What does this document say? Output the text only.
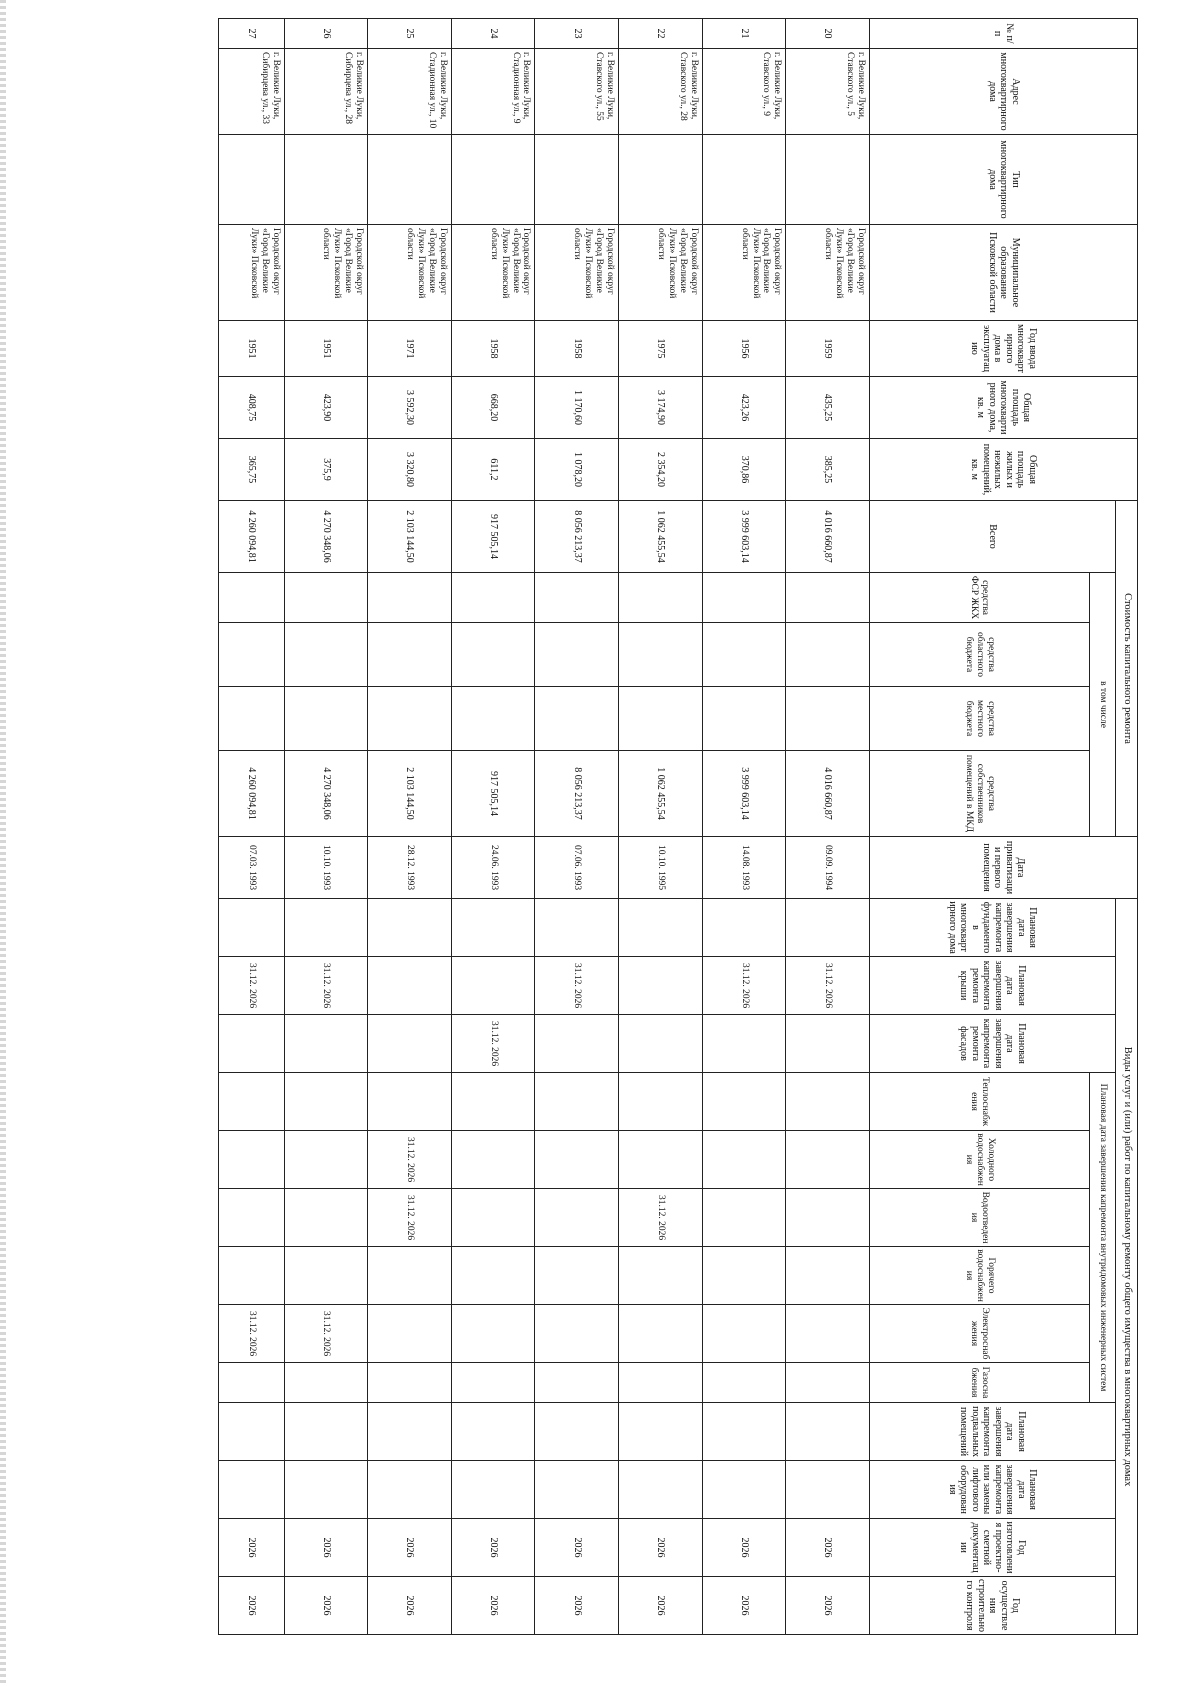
№ п/п	Адрес многоквартирного дома	Тип многоквартирного дома	Муниципальное образование Псковской области	Год ввода многоквартирного дома в эксплуатацию	Общая площадь многоквартирного дома, кв. м	Общая площадь жилых и нежилых помещений, кв. м	Стоимость капитального ремонта					Дата приватизации первого помещения	Виды услуг и (или) работ по капитальному ремонту общего имущества в многоквартирных домах												
							Всего	в том числе					Плановая дата завершения капремонта фундаментов многоквартирного дома	Плановая дата завершения капремонта ремонта крыши	Плановая дата завершения капремонта ремонта фасадов	Плановая дата завершения капремонта внутридомовых инженерных систем						Плановая дата завершения капремонта подвальных помещений	Плановая дата завершения капремонта или замены лифтового оборудования	Год изготовления проектно-сметной документации	Год осуществления строительного контроля
								средства ФСР ЖКХ	средства областного бюджета	средства местного бюджета	средства собственников помещений в МКД					Теплоснабжения	Холодного водоснабжения	Водоотведения	Горячего водоснабжения	Электроснабжения	Газоснабжения				
20	г. Великие Луки, Ставского ул., 5		Городской округ «Город Великие Луки» Псковской области	1959	435,25	385,25	4 016 660,87				4 016 660,87	09.09. 1994		31.12. 2026										2026	2026
21	г. Великие Луки, Ставского ул., 9		Городской округ «Город Великие Луки» Псковской области	1956	423,26	370,86	3 999 603,14				3 999 603,14	14.08. 1993		31.12. 2026										2026	2026
22	г. Великие Луки, Ставского ул., 28		Городской округ «Город Великие Луки» Псковской области	1975	3 174,90	2 354,20	1 062 455,54				1 062 455,54	10.10. 1995						31.12. 2026						2026	2026
23	г. Великие Луки, Ставского ул., 55		Городской округ «Город Великие Луки» Псковской области	1958	1 170,60	1 078,20	8 056 213,37				8 056 213,37	07.06. 1993		31.12. 2026										2026	2026
24	г. Великие Луки, Стадионная ул., 9		Городской округ «Город Великие Луки» Псковской области	1958	668,20	611,2	917 505,14				917 505,14	24.06. 1993			31.12. 2026									2026	2026
25	г. Великие Луки, Стадионная ул., 10		Городской округ «Город Великие Луки» Псковской области	1971	3 592,30	3 320,80	2 103 144,50				2 103 144,50	28.12. 1993					31.12. 2026	31.12. 2026						2026	2026
26	г. Великие Луки, Сибирцева ул., 28		Городской округ «Город Великие Луки» Псковской области	1951	423,90	375,9	4 270 348,06				4 270 348,06	10.10. 1993		31.12. 2026						31.12. 2026				2026	2026
27	г. Великие Луки, Сибирцева ул., 33		Городской округ «Город Великие Луки» Псковской	1951	408,75	365,75	4 260 094,81				4 260 094,81	07.03. 1993		31.12. 2026						31.12. 2026				2026	2026
